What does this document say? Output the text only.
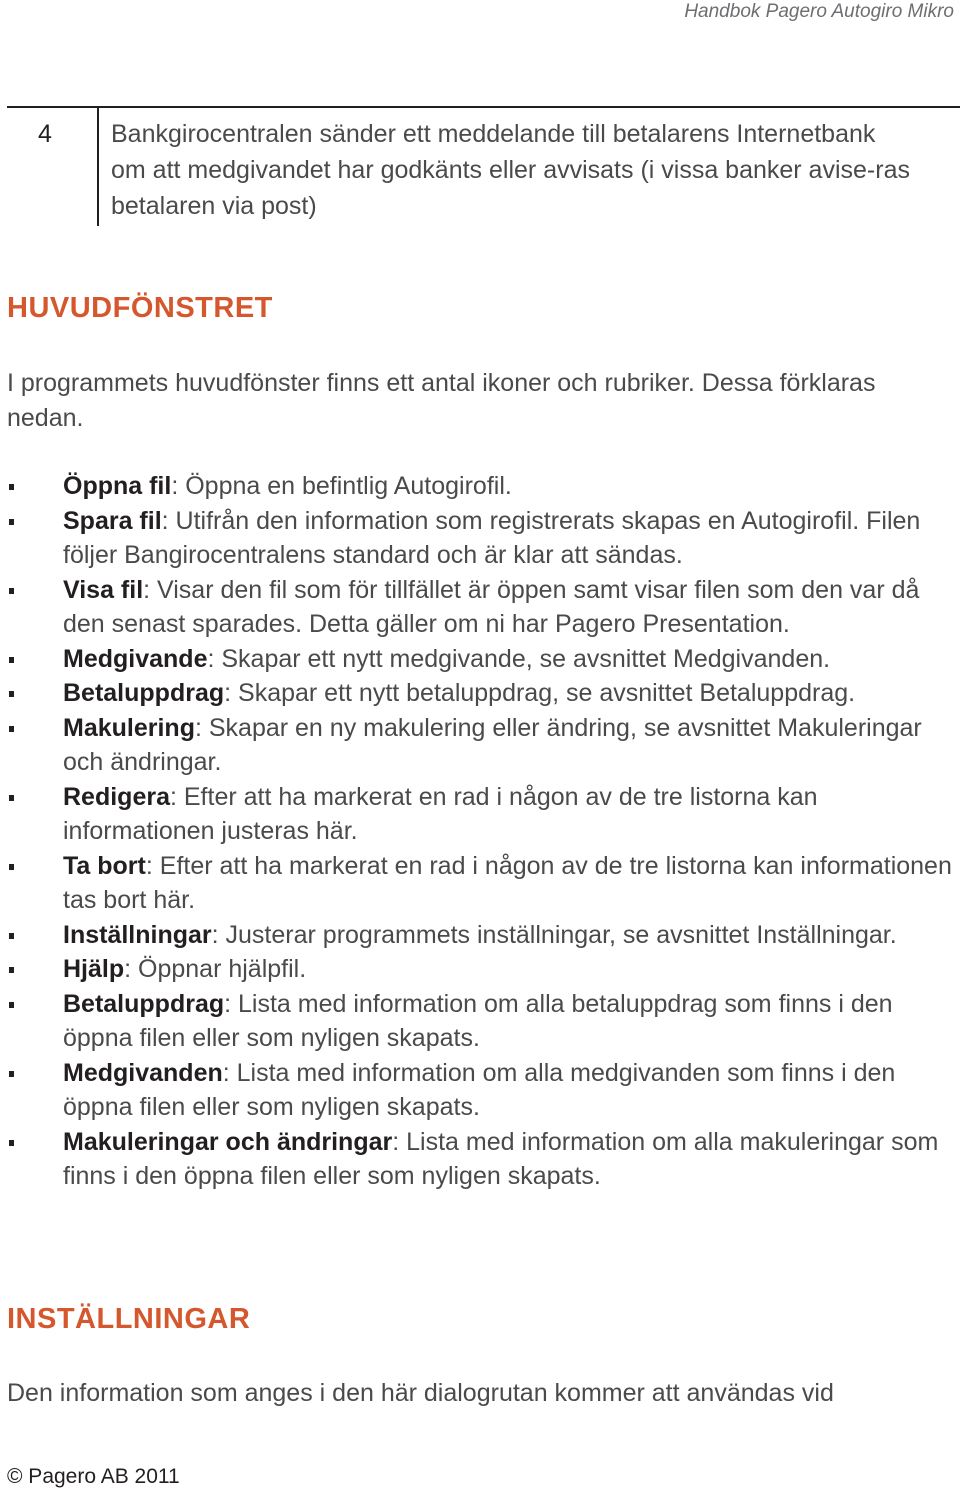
Handbok Pagero Autogiro Mikro
4 Bankgirocentralen sänder ett meddelande till betalarens Internetbank om att medgivandet har godkänts eller avvisats (i vissa banker avise-ras betalaren via post)
HUVUDFÖNSTRET

I programmets huvudfönster finns ett antal ikoner och rubriker. Dessa förklaras nedan.

Öppna fil: Öppna en befintlig Autogirofil.
Spara fil: Utifrån den information som registrerats skapas en Autogirofil. Filen följer Bangirocentralens standard och är klar att sändas.
Visa fil: Visar den fil som för tillfället är öppen samt visar filen som den var då den senast sparades. Detta gäller om ni har Pagero Presentation.
Medgivande: Skapar ett nytt medgivande, se avsnittet Medgivanden.
Betaluppdrag: Skapar ett nytt betaluppdrag, se avsnittet Betaluppdrag.
Makulering: Skapar en ny makulering eller ändring, se avsnittet Makuleringar och ändringar.
Redigera: Efter att ha markerat en rad i någon av de tre listorna kan informationen justeras här.
Ta bort: Efter att ha markerat en rad i någon av de tre listorna kan informationen tas bort här.
Inställningar: Justerar programmets inställningar, se avsnittet Inställningar.
Hjälp: Öppnar hjälpfil.
Betaluppdrag: Lista med information om alla betaluppdrag som finns i den öppna filen eller som nyligen skapats.
Medgivanden: Lista med information om alla medgivanden som finns i den öppna filen eller som nyligen skapats.
Makuleringar och ändringar: Lista med information om alla makuleringar som finns i den öppna filen eller som nyligen skapats.
INSTÄLLNINGAR

Den information som anges i den här dialogrutan kommer att användas vid

© Pagero AB 2011
